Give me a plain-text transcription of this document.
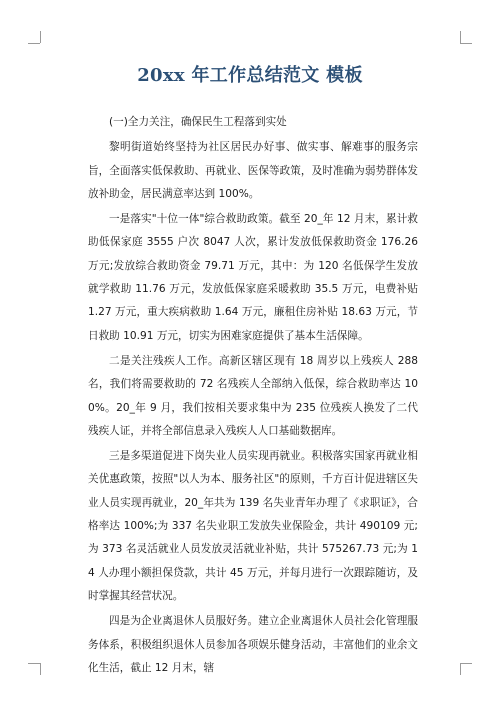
20xx 年工作总结范文 模板

(一)全力关注，确保民生工程落到实处

黎明街道始终坚持为社区居民办好事、做实事、解难事的服务宗旨，全面落实低保救助、再就业、医保等政策，及时准确为弱势群体发放补助金，居民满意率达到 100%。

一是落实"十位一体"综合救助政策。截至 20_年 12 月末，累计救助低保家庭 3555 户次 8047 人次，累计发放低保救助资金 176.26 万元;发放综合救助资金 79.71 万元，其中：为 120 名低保学生发放就学救助 11.76 万元，发放低保家庭采暖救助 35.5 万元，电费补贴 1.27 万元，重大疾病救助 1.64 万元，廉租住房补贴 18.63 万元，节日救助 10.91 万元，切实为困难家庭提供了基本生活保障。

二是关注残疾人工作。高新区辖区现有 18 周岁以上残疾人 288 名，我们将需要救助的 72 名残疾人全部纳入低保，综合救助率达 100%。20_年 9 月，我们按相关要求集中为 235 位残疾人换发了二代残疾人证，并将全部信息录入残疾人人口基础数据库。

三是多渠道促进下岗失业人员实现再就业。积极落实国家再就业相关优惠政策，按照"以人为本、服务社区"的原则，千方百计促进辖区失业人员实现再就业，20_年共为 139 名失业青年办理了《求职证》，合格率达 100%;为 337 名失业职工发放失业保险金，共计 490109 元;为 373 名灵活就业人员发放灵活就业补贴，共计 575267.73 元;为 14 人办理小额担保贷款，共计 45 万元，并每月进行一次跟踪随访，及时掌握其经营状况。

四是为企业离退休人员服好务。建立企业离退休人员社会化管理服务体系，积极组织退休人员参加各项娱乐健身活动，丰富他们的业余文化生活，截止 12 月末，辖
